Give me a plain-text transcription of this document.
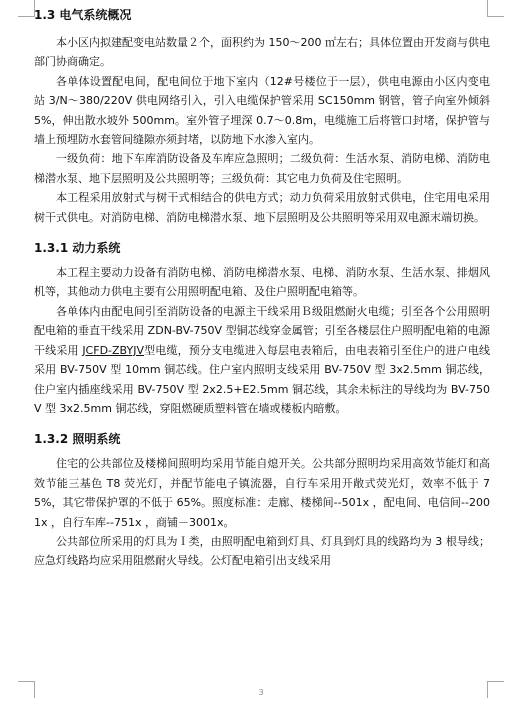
1.3 电气系统概况

本小区内拟建配变电站数量２个，面积约为 150～200 ㎡左右；具体位置由开发商与供电部门协商确定。

各单体设置配电间，配电间位于地下室内（12#号楼位于一层），供电电源由小区内变电站 3/N～380/220V 供电网络引入，引入电缆保护管采用 SC150mm 钢管，管子向室外倾斜 5%，伸出散水坡外 500mm。室外管子埋深 0.7～0.8m，电缆施工后将管口封堵，保护管与墙上预埋防水套管间缝隙亦须封堵，以防地下水渗入室内。

一级负荷：地下车库消防设备及车库应急照明；二级负荷：生活水泵、消防电梯、消防电梯潜水泵、地下层照明及公共照明等；三级负荷：其它电力负荷及住宅照明。

本工程采用放射式与树干式相结合的供电方式；动力负荷采用放射式供电，住宅用电采用树干式供电。对消防电梯、消防电梯潜水泵、地下层照明及公共照明等采用双电源末端切换。

1.3.1 动力系统

本工程主要动力设备有消防电梯、消防电梯潜水泵、电梯、消防水泵、生活水泵、排烟风机等，其他动力供电主要有公用照明配电箱、及住户照明配电箱等。

各单体内由配电间引至消防设备的电源主干线采用Ｂ级阻燃耐火电缆；引至各个公用照明配电箱的垂直干线采用 ZDN-BV-750V 型铜芯线穿金属管；引至各楼层住户照明配电箱的电源干线采用 JCFD-ZBYJV型电缆，预分支电缆进入每层电表箱后，由电表箱引至住户的进户电线采用 BV-750V 型 10mm 铜芯线。住户室内照明支线采用 BV-750V 型 3x2.5mm 铜芯线，住户室内插座线采用 BV-750V 型 2x2.5+E2.5mm 铜芯线，其余未标注的导线均为 BV-750V 型 3x2.5mm 铜芯线，穿阻燃硬质塑料管在墙或楼板内暗敷。

1.3.2 照明系统

住宅的公共部位及楼梯间照明均采用节能自熄开关。公共部分照明均采用高效节能灯和高效节能三基色 T8 荧光灯，并配节能电子镇流器，自行车采用开敞式荧光灯，效率不低于 75%，其它带保护罩的不低于 65%。照度标准：走廊、楼梯间--501x ，配电间、电信间--2001x ，自行车库--751x ，商铺－3001x。

公共部位所采用的灯具为Ｉ类，由照明配电箱到灯具、灯具到灯具的线路均为 3 根导线；应急灯线路均应采用阻燃耐火导线。公灯配电箱引出支线采用

3
